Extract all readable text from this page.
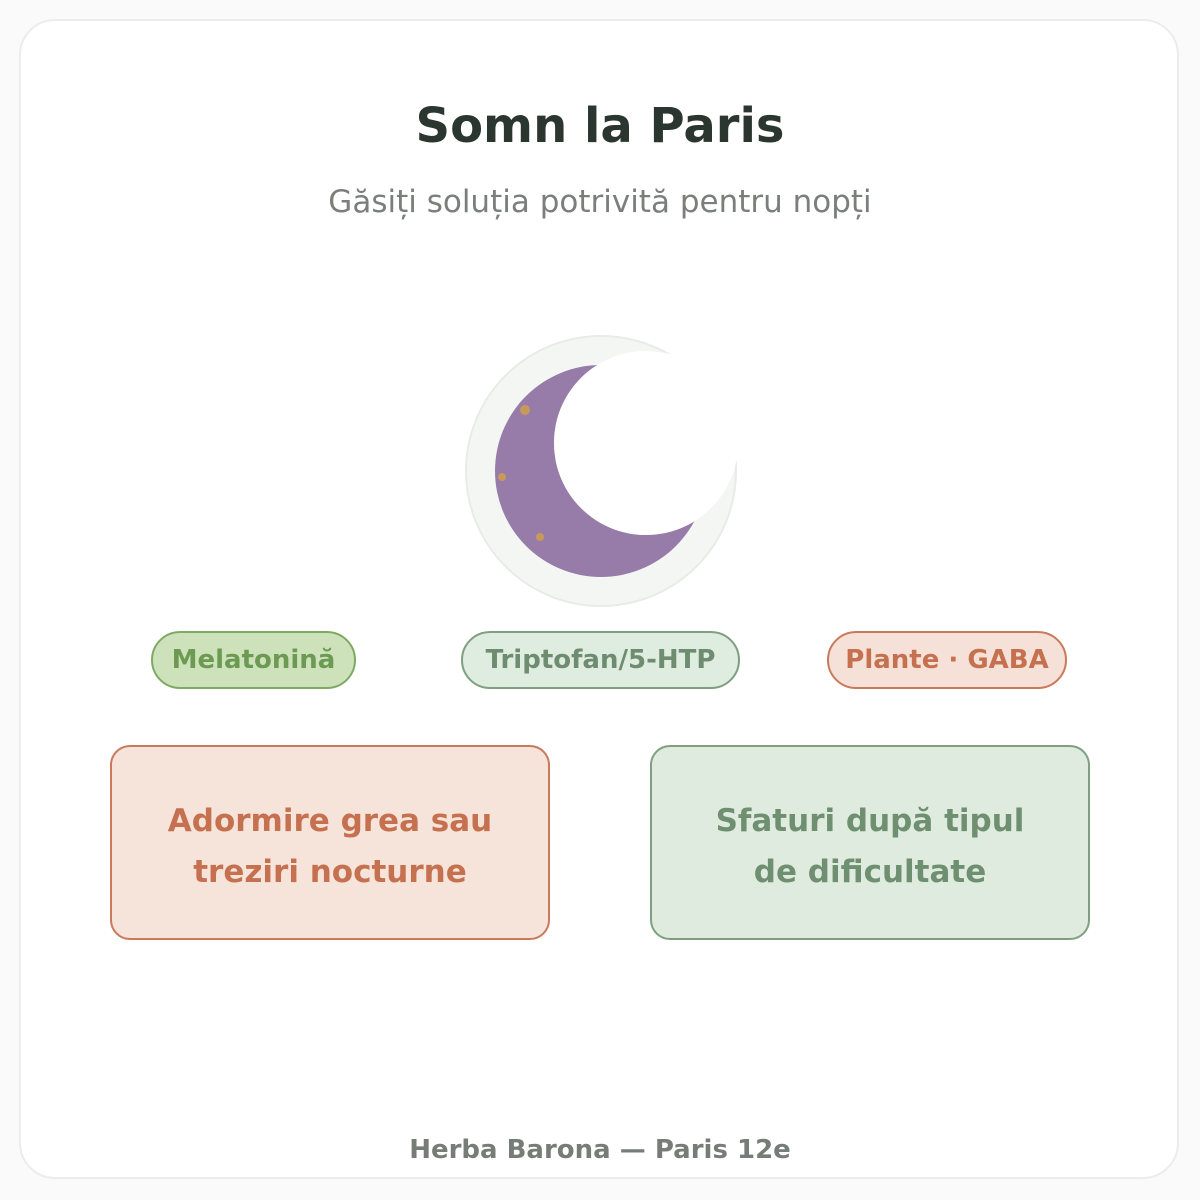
Somn la Paris
Găsiți soluția potrivită pentru nopți
Melatonină	Triptofan/5-HTP	Plante · GABA
Adormire grea sau
treziri nocturne
Sfaturi după tipul
de dificultate
Herba Barona — Paris 12e
